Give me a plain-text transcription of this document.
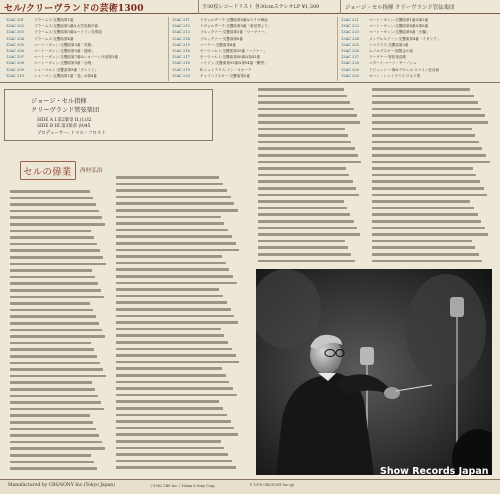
セル/クリーヴランドの芸術1300	全30枚レコードリスト 各30cmステレオLP ¥1,300	ジョージ・セル指揮 クリーヴランド管弦楽団
13AC 201	ブラームス:交響曲第1番
13AC 202	ブラームス:交響曲第2番&大学祝典序曲
13AC 203	ブラームス:交響曲第3番&ハイドン変奏曲
13AC 204	ブラームス:交響曲第4番
13AC 205	ベートーヴェン:交響曲第3番「英雄」
13AC 206	ベートーヴェン:交響曲第5番「運命」
13AC 207	ベートーヴェン:交響曲第7番&レオノーレ序曲第3番
13AC 208	ベートーヴェン:交響曲第9番「合唱」
13AC 209	シューベルト:交響曲第9番「グレイト」
13AC 210	シューマン:交響曲第1番「春」&第4番
13AC 211	ドヴォルザーク:交響曲第8番&スラヴ舞曲
13AC 212	ドヴォルザーク:交響曲第9番「新世界より」
13AC 213	ブルックナー:交響曲第3番「ワーグナー」
13AC 214	ブルックナー:交響曲第8番
13AC 215	マーラー:交響曲第4番
13AC 216	モーツァルト:交響曲第35番「ハフナー」
13AC 217	モーツァルト:交響曲第40番&第41番
13AC 218	ハイドン:交響曲第93番&第94番「驚愕」
13AC 219	R.シュトラウス:ドン・キホーテ
13AC 220	チャイコフスキー:交響曲第5番
13AC 221	ベートーヴェン:交響曲第1番&第2番
13AC 222	ベートーヴェン:交響曲第4番&第8番
13AC 223	ベートーヴェン:交響曲第6番「田園」
13AC 224	メンデルスゾーン:交響曲第4番「イタリア」
13AC 225	シベリウス:交響曲第2番
13AC 226	ムソルグスキー:展覧会の絵
13AC 227	ワーグナー:管弦楽曲集
13AC 228	コダーイ:ハーリ・ヤーノシュ
13AC 229	ドビュッシー:海&ラヴェル:スペイン狂詩曲
13AC 230	ヨハン・シュトラウス:ワルツ集
ジョージ・セル指揮
クリーヴランド管弦楽団
SIDE A I.第2楽章 II.(1)32
SIDE B III.第3楽章 (9)45
プロデューサー: トマス・フロスト
セルの偉業 西村弘治
Manufactured by CBS/SONY Inc.(Tokyo Japan)	ⓒ1982 CBS Inc. / 16mm 6 Sony Corp.	P 1978 CBS/SONY Inc.(p)
Show Records Japan
